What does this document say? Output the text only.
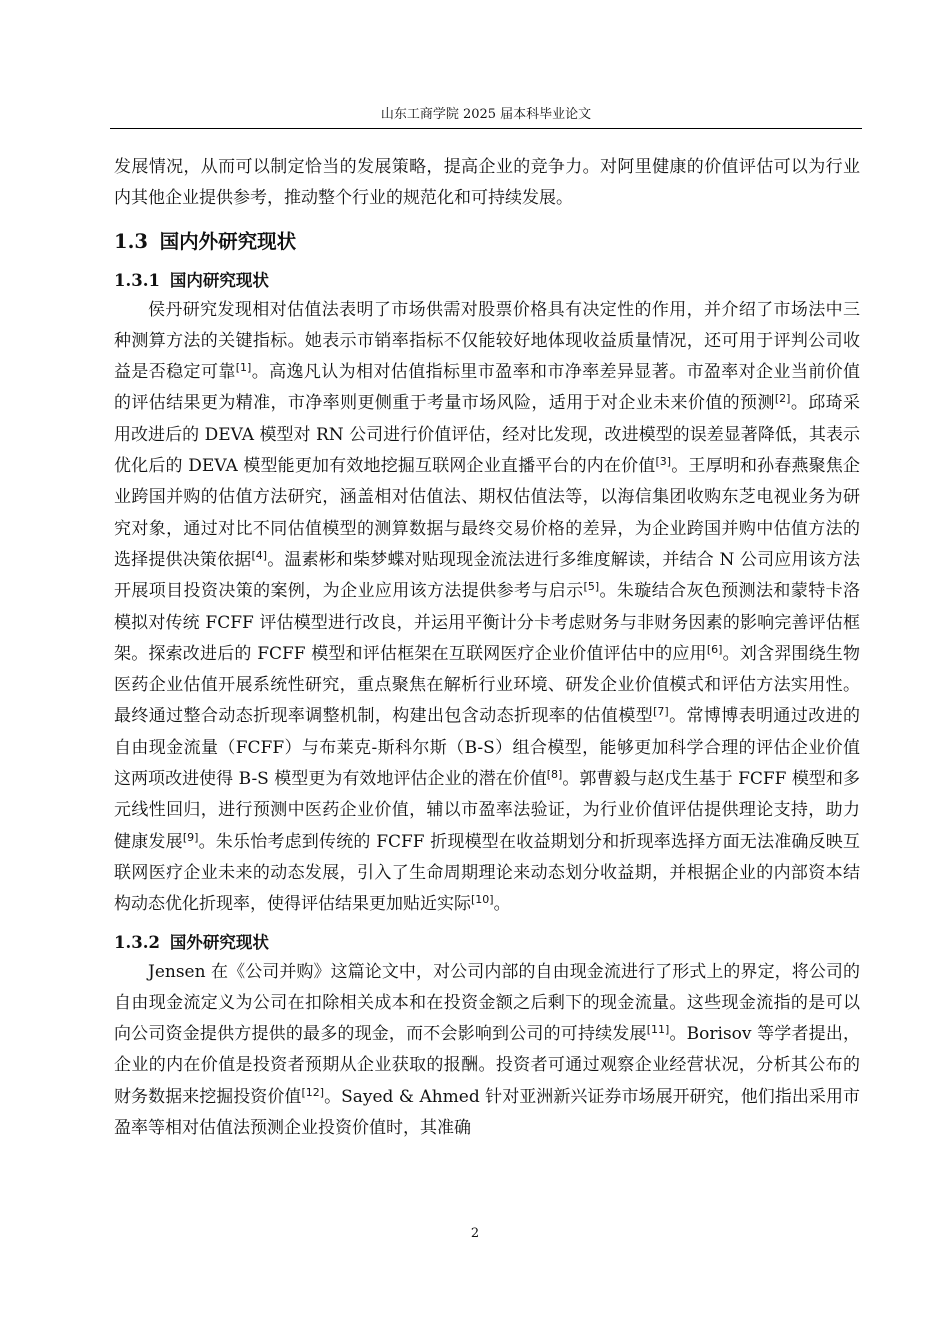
山东工商学院 2025 届本科毕业论文

发展情况，从而可以制定恰当的发展策略，提高企业的竞争力。对阿里健康的价值评估可以为行业内其他企业提供参考，推动整个行业的规范化和可持续发展。

1.3 国内外研究现状
1.3.1 国内研究现状

侯丹研究发现相对估值法表明了市场供需对股票价格具有决定性的作用，并介绍了市场法中三种测算方法的关键指标。她表示市销率指标不仅能较好地体现收益质量情况，还可用于评判公司收益是否稳定可靠[1]。高逸凡认为相对估值指标里市盈率和市净率差异显著。市盈率对企业当前价值的评估结果更为精准，市净率则更侧重于考量市场风险，适用于对企业未来价值的预测[2]。邱琦采用改进后的 DEVA 模型对 RN 公司进行价值评估，经对比发现，改进模型的误差显著降低，其表示优化后的 DEVA 模型能更加有效地挖掘互联网企业直播平台的内在价值[3]。王厚明和孙春燕聚焦企业跨国并购的估值方法研究，涵盖相对估值法、期权估值法等，以海信集团收购东芝电视业务为研究对象，通过对比不同估值模型的测算数据与最终交易价格的差异，为企业跨国并购中估值方法的选择提供决策依据[4]。温素彬和柴梦蝶对贴现现金流法进行多维度解读，并结合 N 公司应用该方法开展项目投资决策的案例，为企业应用该方法提供参考与启示[5]。朱璇结合灰色预测法和蒙特卡洛模拟对传统 FCFF 评估模型进行改良，并运用平衡计分卡考虑财务与非财务因素的影响完善评估框架。探索改进后的 FCFF 模型和评估框架在互联网医疗企业价值评估中的应用[6]。刘含羿围绕生物医药企业估值开展系统性研究，重点聚焦在解析行业环境、研发企业价值模式和评估方法实用性。最终通过整合动态折现率调整机制，构建出包含动态折现率的估值模型[7]。常博博表明通过改进的自由现金流量（FCFF）与布莱克-斯科尔斯（B-S）组合模型，能够更加科学合理的评估企业价值这两项改进使得 B-S 模型更为有效地评估企业的潜在价值[8]。郭曹毅与赵戊生基于 FCFF 模型和多元线性回归，进行预测中医药企业价值，辅以市盈率法验证，为行业价值评估提供理论支持，助力健康发展[9]。朱乐怡考虑到传统的 FCFF 折现模型在收益期划分和折现率选择方面无法准确反映互联网医疗企业未来的动态发展，引入了生命周期理论来动态划分收益期，并根据企业的内部资本结构动态优化折现率，使得评估结果更加贴近实际[10]。

1.3.2 国外研究现状

Jensen 在《公司并购》这篇论文中，对公司内部的自由现金流进行了形式上的界定，将公司的自由现金流定义为公司在扣除相关成本和在投资金额之后剩下的现金流量。这些现金流指的是可以向公司资金提供方提供的最多的现金，而不会影响到公司的可持续发展[11]。Borisov 等学者提出，企业的内在价值是投资者预期从企业获取的报酬。投资者可通过观察企业经营状况，分析其公布的财务数据来挖掘投资价值[12]。Sayed & Ahmed 针对亚洲新兴证券市场展开研究，他们指出采用市盈率等相对估值法预测企业投资价值时，其准确

2
